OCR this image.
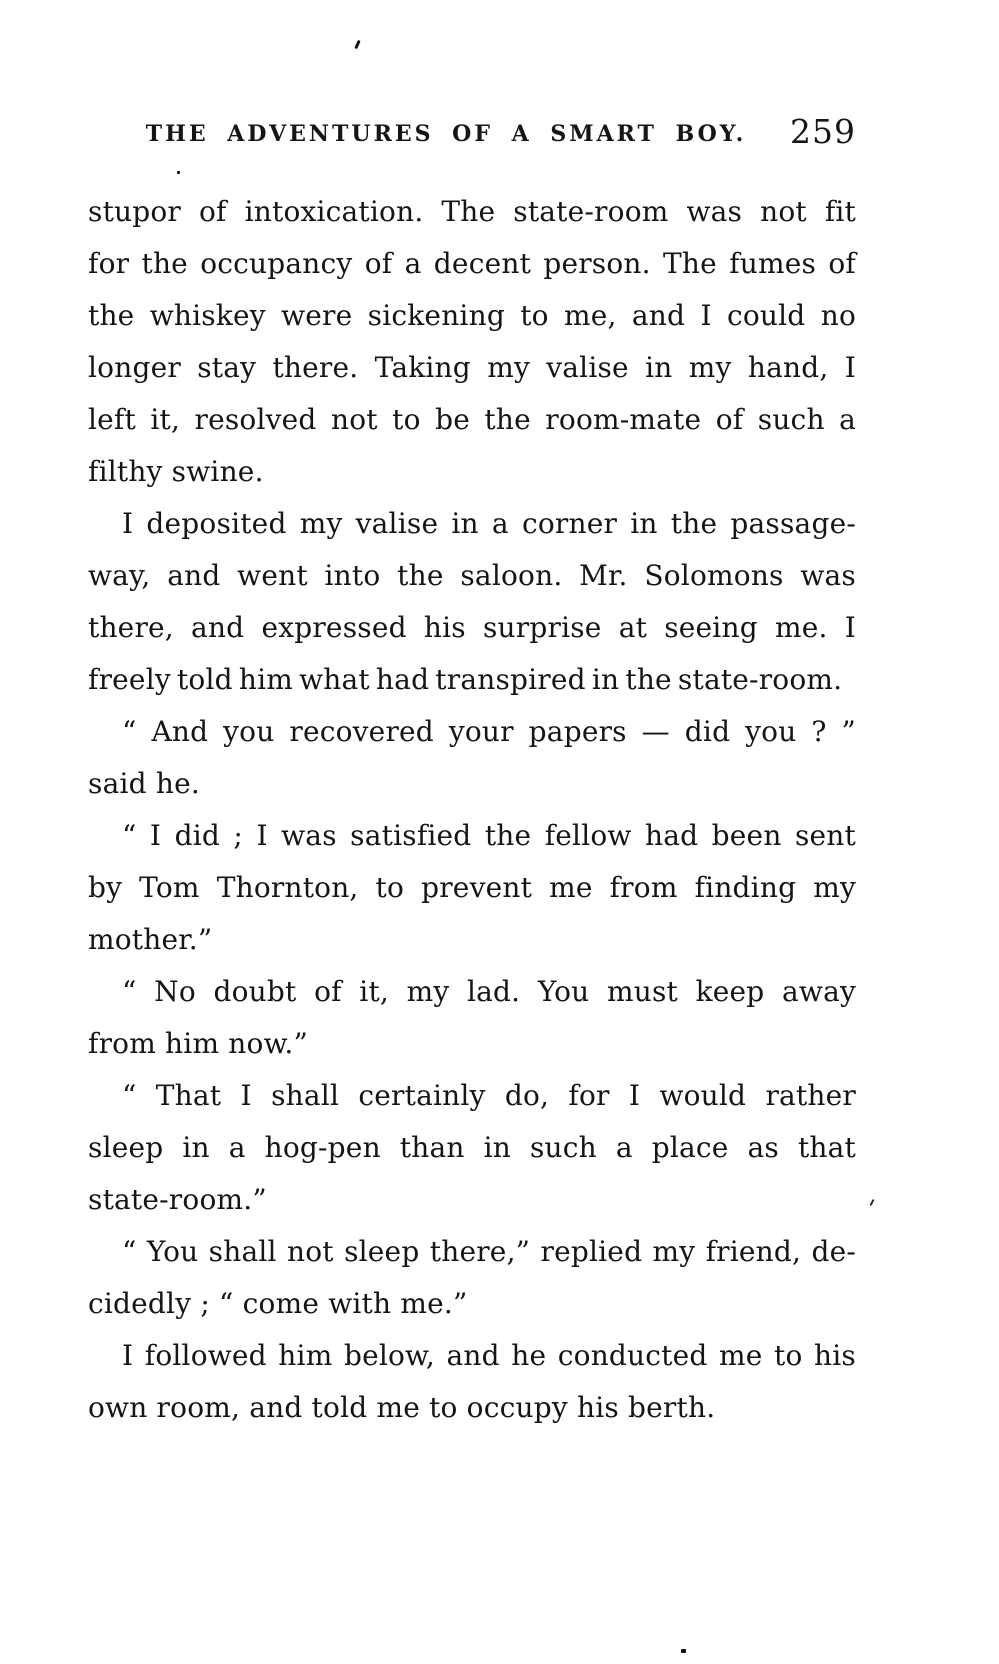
THE ADVENTURES OF A SMART BOY.	259
stupor of intoxication. The state-room was not fit
for the occupancy of a decent person. The fumes of
the whiskey were sickening to me, and I could no
longer stay there. Taking my valise in my hand, I
left it, resolved not to be the room-mate of such a
filthy swine.
I deposited my valise in a corner in the passage-
way, and went into the saloon. Mr. Solomons was
there, and expressed his surprise at seeing me. I
freely told him what had transpired in the state-room.
“ And you recovered your papers — did you ? ”
said he.
“ I did ; I was satisfied the fellow had been sent
by Tom Thornton, to prevent me from finding my
mother.”
“ No doubt of it, my lad. You must keep away
from him now.”
“ That I shall certainly do, for I would rather
sleep in a hog-pen than in such a place as that
state-room.”
“ You shall not sleep there,” replied my friend, de-
cidedly ; “ come with me.”
I followed him below, and he conducted me to his
own room, and told me to occupy his berth.
